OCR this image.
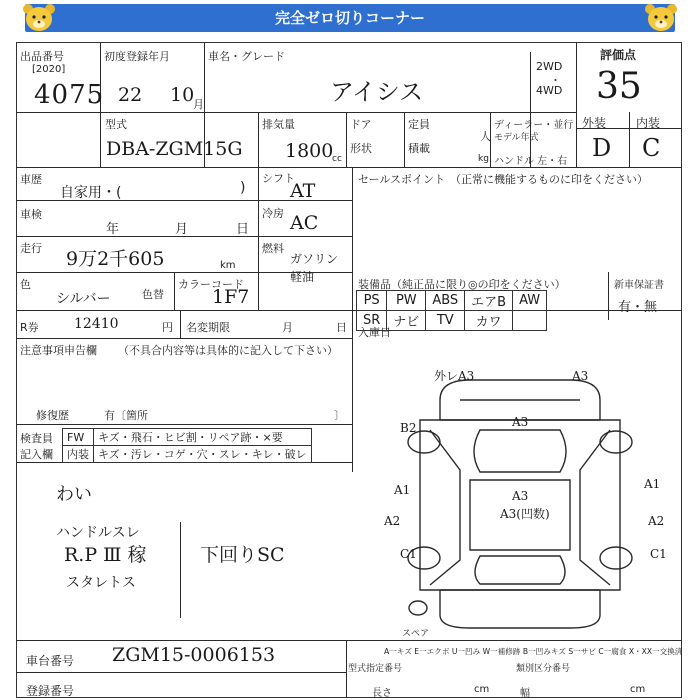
完全ゼロ切りコーナー
出品番号
[2020]
4075
初度登録年月
22 10
月
車名・グレード
アイシス
2WD
・
4WD
評価点
35
型式
DBA-ZGM15G
排気量
1800
cc
ドア
形状
定員
人
積載
kg
ディーラー・並行
モデル年式
ハンドル 左・右
外装 内装
D C
車歴
自家用・(	)
シフト
AT
車検
年	月	日
冷房 AC
走行 9万2千605	km
燃料
ガソリン
軽油
色
シルバー	色替
カラーコード
1F7
R券	12410	円 名変期限	月	日
注意事項申告欄 （不具合内容等は具体的に記入して下さい）
修復歴	有〔箇所	〕
検査員
記入欄
FW	キズ・飛石・ヒビ割・リペア跡・×要
内装	キズ・汚レ・コゲ・穴・スレ・キレ・破レ
わい
ハンドルスレ
R.P Ⅲ 稼
スタレトス
下回りSC
セールスポイント （正常に機能するものに印をください）
装備品（純正品に限り◎の印をください）
PS	PW	ABS	エアB	AW
SR	ナビ	TV	カワ	
新車保証書
有・無
入庫日
外レA3	A3
B2	A3
A3
A1	A1
A2	A2
A3(凹数)
C1	C1
スペア
A一キズ E一エクボ U一凹み W一補修跡 B一凹みキズ S一サビ C一腐食 X・XX一交換済
車台番号 ZGM15-0006153
登録番号
型式指定番号	類別区分番号
長さ	cm	幅	cm
